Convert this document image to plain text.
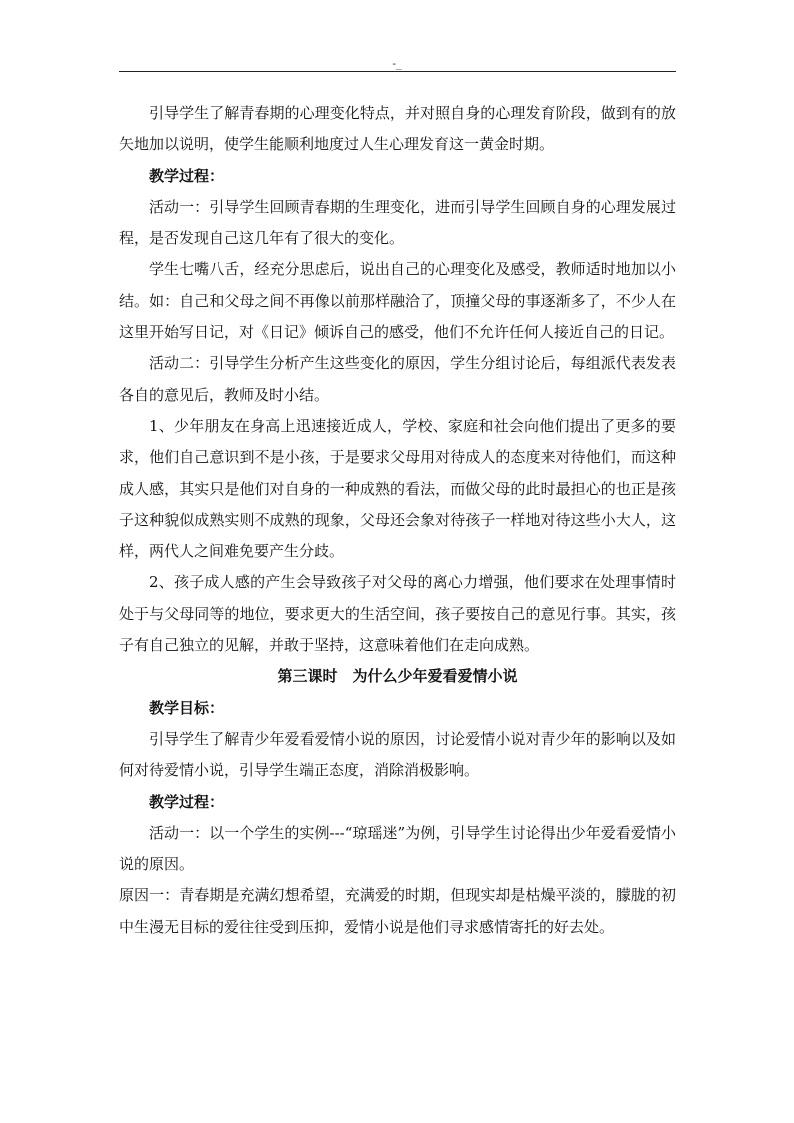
-_

引导学生了解青春期的心理变化特点，并对照自身的心理发育阶段，做到有的放矢地加以说明，使学生能顺利地度过人生心理发育这一黄金时期。

教学过程：

活动一：引导学生回顾青春期的生理变化，进而引导学生回顾自身的心理发展过程，是否发现自己这几年有了很大的变化。

学生七嘴八舌，经充分思虑后，说出自己的心理变化及感受，教师适时地加以小结。如：自己和父母之间不再像以前那样融洽了，顶撞父母的事逐渐多了，不少人在这里开始写日记，对《日记》倾诉自己的感受，他们不允许任何人接近自己的日记。

活动二：引导学生分析产生这些变化的原因，学生分组讨论后，每组派代表发表各自的意见后，教师及时小结。

1、少年朋友在身高上迅速接近成人，学校、家庭和社会向他们提出了更多的要求，他们自己意识到不是小孩，于是要求父母用对待成人的态度来对待他们，而这种成人感，其实只是他们对自身的一种成熟的看法，而做父母的此时最担心的也正是孩子这种貌似成熟实则不成熟的现象，父母还会象对待孩子一样地对待这些小大人，这样，两代人之间难免要产生分歧。

2、孩子成人感的产生会导致孩子对父母的离心力增强，他们要求在处理事情时处于与父母同等的地位，要求更大的生活空间，孩子要按自己的意见行事。其实，孩子有自己独立的见解，并敢于坚持，这意味着他们在走向成熟。

第三课时　为什么少年爱看爱情小说

教学目标：

引导学生了解青少年爱看爱情小说的原因，讨论爱情小说对青少年的影响以及如何对待爱情小说，引导学生端正态度，消除消极影响。

教学过程：

活动一：以一个学生的实例---“琼瑶迷”为例，引导学生讨论得出少年爱看爱情小说的原因。

原因一：青春期是充满幻想希望，充满爱的时期，但现实却是枯燥平淡的，朦胧的初中生漫无目标的爱往往受到压抑，爱情小说是他们寻求感情寄托的好去处。
